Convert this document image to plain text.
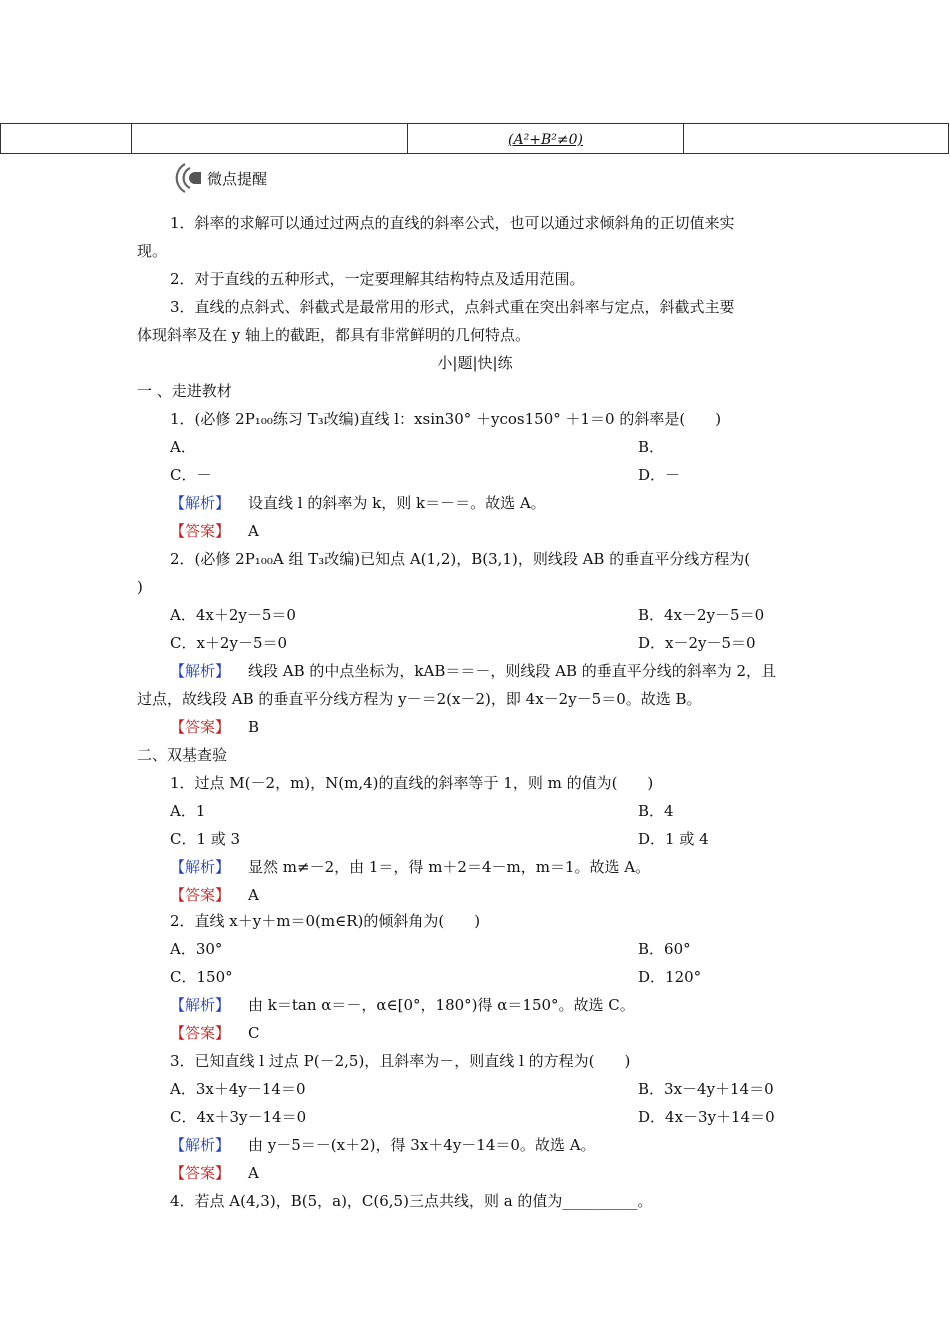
		(A²+B²≠0)	
微点提醒
1．斜率的求解可以通过过两点的直线的斜率公式，也可以通过求倾斜角的正切值来实
现。
2．对于直线的五种形式，一定要理解其结构特点及适用范围。
3．直线的点斜式、斜截式是最常用的形式，点斜式重在突出斜率与定点，斜截式主要
体现斜率及在 y 轴上的截距，都具有非常鲜明的几何特点。
小|题|快|练
一 、走进教材
1．(必修 2P₁₀₀练习 T₃改编)直线 l：xsin30° ＋ycos150° ＋1＝0 的斜率是(　　)
A．	B．
C．－	D．－
【解析】 设直线 l 的斜率为 k，则 k＝－＝。故选 A。
【答案】 A
2．(必修 2P₁₀₀A 组 T₃改编)已知点 A(1,2)，B(3,1)，则线段 AB 的垂直平分线方程为(
)
A．4x＋2y－5＝0	B．4x－2y－5＝0
C．x＋2y－5＝0	D．x－2y－5＝0
【解析】 线段 AB 的中点坐标为，kAB＝＝－，则线段 AB 的垂直平分线的斜率为 2，且
过点，故线段 AB 的垂直平分线方程为 y－＝2(x－2)，即 4x－2y－5＝0。故选 B。
【答案】 B
二、双基查验
1．过点 M(－2，m)，N(m,4)的直线的斜率等于 1，则 m 的值为(　　)
A．1	B．4
C．1 或 3	D．1 或 4
【解析】 显然 m≠－2，由 1＝，得 m＋2＝4－m，m＝1。故选 A。
【答案】 A
2．直线 x＋y＋m＝0(m∈R)的倾斜角为(　　)
A．30°	B．60°
C．150°	D．120°
【解析】 由 k＝tan α＝－，α∈[0°，180°)得 α＝150°。故选 C。
【答案】 C
3．已知直线 l 过点 P(－2,5)，且斜率为－，则直线 l 的方程为(　　)
A．3x＋4y－14＝0	B．3x－4y＋14＝0
C．4x＋3y－14＝0	D．4x－3y＋14＝0
【解析】 由 y－5＝－(x＋2)，得 3x＋4y－14＝0。故选 A。
【答案】 A
4．若点 A(4,3)，B(5，a)，C(6,5)三点共线，则 a 的值为__________。
